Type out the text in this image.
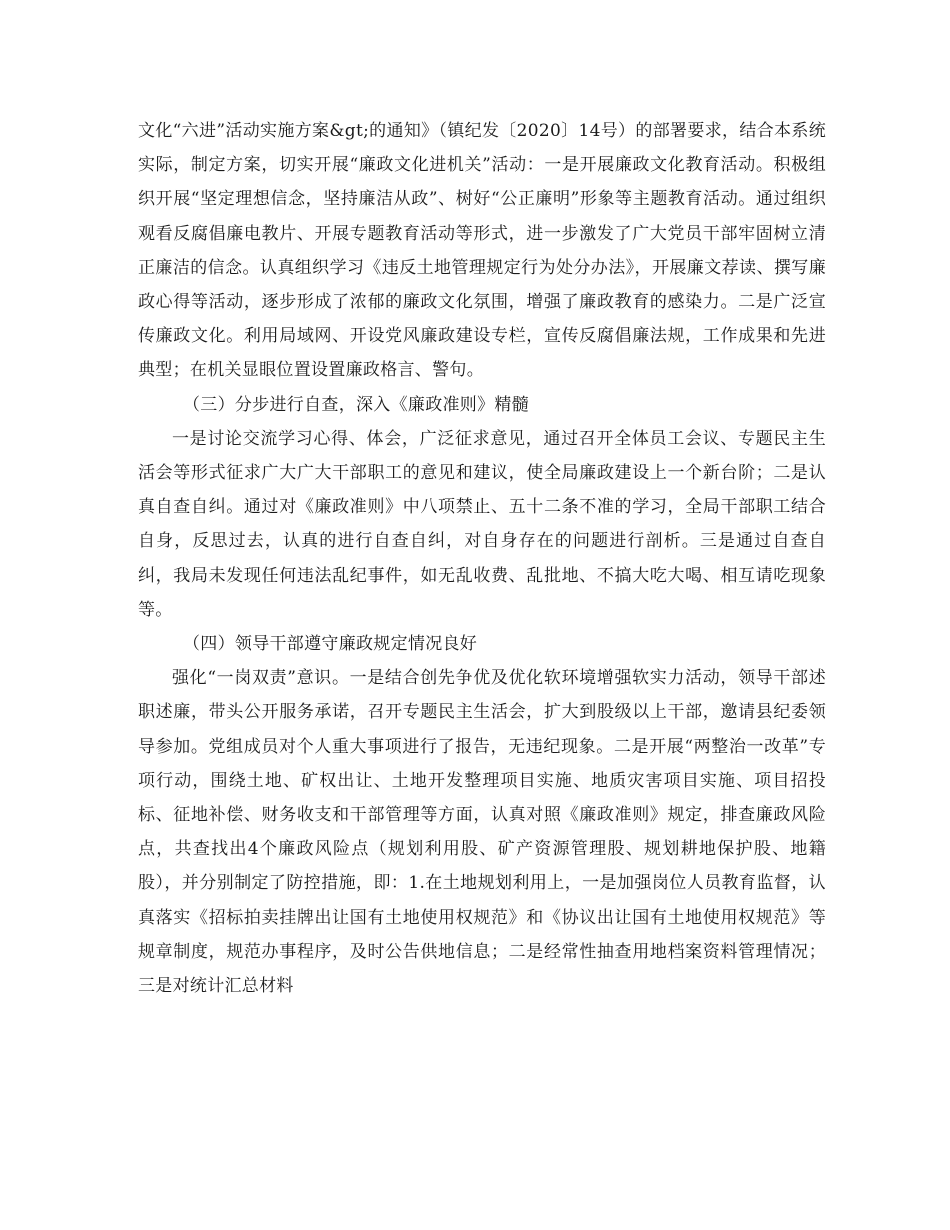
文化“六进”活动实施方案&gt;的通知》（镇纪发〔2020〕14号）的部署要求，结合本系统实际，制定方案，切实开展“廉政文化进机关”活动：一是开展廉政文化教育活动。积极组织开展“坚定理想信念，坚持廉洁从政”、树好“公正廉明”形象等主题教育活动。通过组织观看反腐倡廉电教片、开展专题教育活动等形式，进一步激发了广大党员干部牢固树立清正廉洁的信念。认真组织学习《违反土地管理规定行为处分办法》，开展廉文荐读、撰写廉政心得等活动，逐步形成了浓郁的廉政文化氛围，增强了廉政教育的感染力。二是广泛宣传廉政文化。利用局域网、开设党风廉政建设专栏，宣传反腐倡廉法规，工作成果和先进典型；在机关显眼位置设置廉政格言、警句。

（三）分步进行自查，深入《廉政准则》精髓

一是讨论交流学习心得、体会，广泛征求意见，通过召开全体员工会议、专题民主生活会等形式征求广大广大干部职工的意见和建议，使全局廉政建设上一个新台阶；二是认真自查自纠。通过对《廉政准则》中八项禁止、五十二条不准的学习，全局干部职工结合自身，反思过去，认真的进行自查自纠，对自身存在的问题进行剖析。三是通过自查自纠，我局未发现任何违法乱纪事件，如无乱收费、乱批地、不搞大吃大喝、相互请吃现象等。

（四）领导干部遵守廉政规定情况良好

强化“一岗双责”意识。一是结合创先争优及优化软环境增强软实力活动，领导干部述职述廉，带头公开服务承诺，召开专题民主生活会，扩大到股级以上干部，邀请县纪委领导参加。党组成员对个人重大事项进行了报告，无违纪现象。二是开展“两整治一改革”专项行动，围绕土地、矿权出让、土地开发整理项目实施、地质灾害项目实施、项目招投标、征地补偿、财务收支和干部管理等方面，认真对照《廉政准则》规定，排查廉政风险点，共查找出4个廉政风险点（规划利用股、矿产资源管理股、规划耕地保护股、地籍股），并分别制定了防控措施，即：1.在土地规划利用上，一是加强岗位人员教育监督，认真落实《招标拍卖挂牌出让国有土地使用权规范》和《协议出让国有土地使用权规范》等规章制度，规范办事程序，及时公告供地信息；二是经常性抽查用地档案资料管理情况；三是对统计汇总材料
